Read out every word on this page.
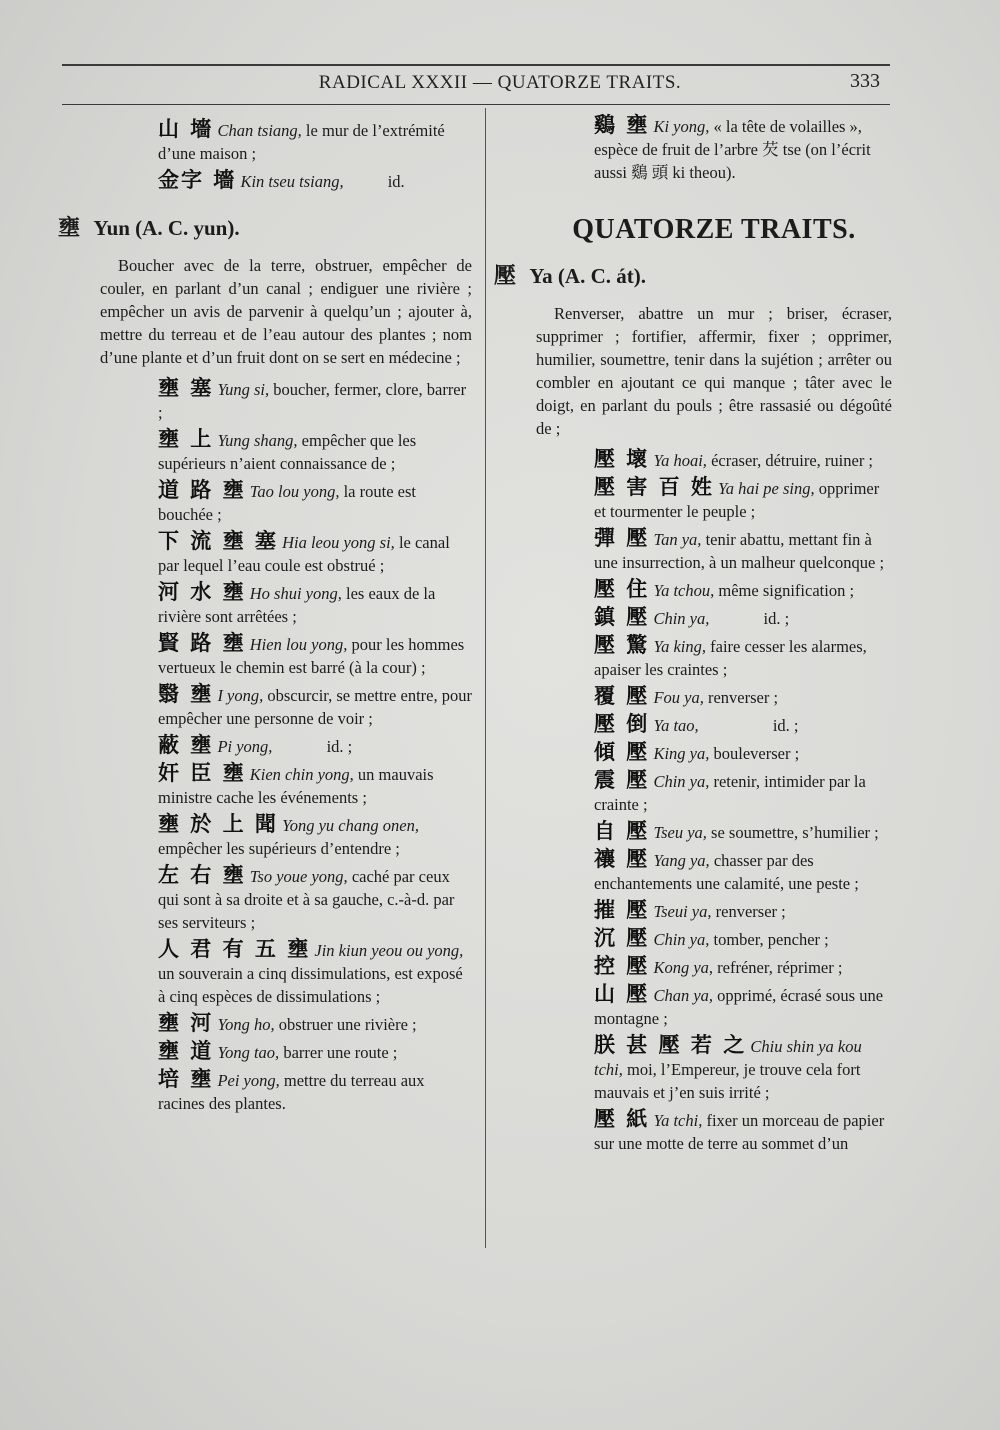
RADICAL XXXII — QUATORZE TRAITS.	333
山 墻 Chan tsiang, le mur de l’extrémité d’une maison ;
金字 墻 Kin tseu tsiang,	id.
壅 Yun (A. C. yun).

Boucher avec de la terre, obstruer, empêcher de couler, en parlant d’un canal ; endiguer une rivière ; empêcher un avis de parvenir à quelqu’un ; ajouter à, mettre du terreau et de l’eau autour des plantes ; nom d’une plante et d’un fruit dont on se sert en médecine ;

壅 塞 Yung si, boucher, fermer, clore, barrer ;
壅 上 Yung shang, empêcher que les supérieurs n’aient connaissance de ;
道 路 壅 Tao lou yong, la route est bouchée ;
下 流 壅 塞 Hia leou yong si, le canal par lequel l’eau coule est obstrué ;
河 水 壅 Ho shui yong, les eaux de la rivière sont arrêtées ;
賢 路 壅 Hien lou yong, pour les hommes vertueux le chemin est barré (à la cour) ;
翳 壅 I yong, obscurcir, se mettre entre, pour empêcher une personne de voir ;
蔽 壅 Pi yong,	id. ;
奸 臣 壅 Kien chin yong, un mauvais ministre cache les événements ;
壅 於 上 聞 Yong yu chang onen, empêcher les supérieurs d’entendre ;
左 右 壅 Tso youe yong, caché par ceux qui sont à sa droite et à sa gauche, c.-à-d. par ses serviteurs ;
人 君 有 五 壅 Jin kiun yeou ou yong, un souverain a cinq dissimulations, est exposé à cinq espèces de dissimulations ;
壅 河 Yong ho, obstruer une rivière ;
壅 道 Yong tao, barrer une route ;
培 壅 Pei yong, mettre du terreau aux racines des plantes.
鷄 壅 Ki yong, « la tête de volailles », espèce de fruit de l’arbre 芡 tse (on l’écrit aussi 鷄 頭 ki theou).
QUATORZE TRAITS.
壓 Ya (A. C. át).

Renverser, abattre un mur ; briser, écraser, supprimer ; fortifier, affermir, fixer ; opprimer, humilier, soumettre, tenir dans la sujétion ; arrêter ou combler en ajoutant ce qui manque ; tâter avec le doigt, en parlant du pouls ; être rassasié ou dégoûté de ;

壓 壞 Ya hoai, écraser, détruire, ruiner ;
壓 害 百 姓 Ya hai pe sing, opprimer et tourmenter le peuple ;
彈 壓 Tan ya, tenir abattu, mettant fin à une insurrection, à un malheur quelconque ;
壓 住 Ya tchou, même signification ;
鎮 壓 Chin ya,	id. ;
壓 驚 Ya king, faire cesser les alarmes, apaiser les craintes ;
覆 壓 Fou ya, renverser ;
壓 倒 Ya tao,	id. ;
傾 壓 King ya, bouleverser ;
震 壓 Chin ya, retenir, intimider par la crainte ;
自 壓 Tseu ya, se soumettre, s’humilier ;
禳 壓 Yang ya, chasser par des enchantements une calamité, une peste ;
摧 壓 Tseui ya, renverser ;
沉 壓 Chin ya, tomber, pencher ;
控 壓 Kong ya, refréner, réprimer ;
山 壓 Chan ya, opprimé, écrasé sous une montagne ;
朕 甚 壓 若 之 Chiu shin ya kou tchi, moi, l’Empereur, je trouve cela fort mauvais et j’en suis irrité ;
壓 紙 Ya tchi, fixer un morceau de papier sur une motte de terre au sommet d’un
